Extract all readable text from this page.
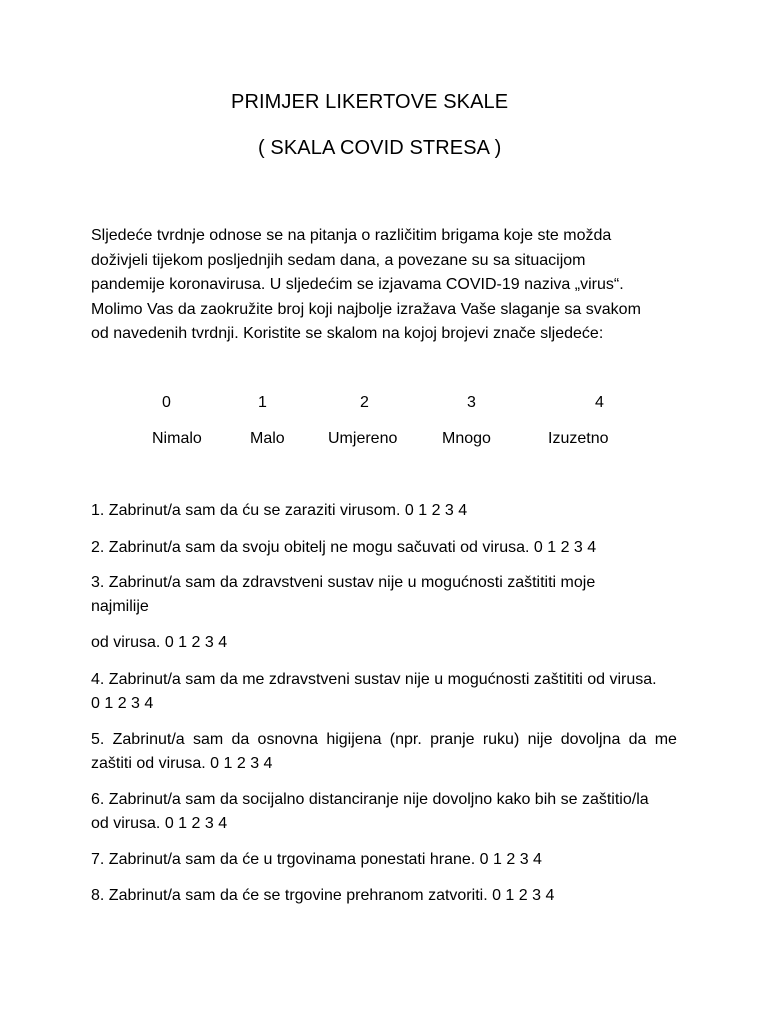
PRIMJER LIKERTOVE SKALE
( SKALA COVID STRESA )
Sljedeće tvrdnje odnose se na pitanja o različitim brigama koje ste možda
doživjeli tijekom posljednjih sedam dana, a povezane su sa situacijom
pandemije koronavirusa. U sljedećim se izjavama COVID-19 naziva „virus“.
Molimo Vas da zaokružite broj koji najbolje izražava Vaše slaganje sa svakom
od navedenih tvrdnji. Koristite se skalom na kojoj brojevi znače sljedeće:
0	1	2	3	4
Nimalo	Malo	Umjereno	Mnogo	Izuzetno
1. Zabrinut/a sam da ću se zaraziti virusom. 0 1 2 3 4
2. Zabrinut/a sam da svoju obitelj ne mogu sačuvati od virusa. 0 1 2 3 4
3. Zabrinut/a sam da zdravstveni sustav nije u mogućnosti zaštititi moje
najmilije
od virusa. 0 1 2 3 4
4. Zabrinut/a sam da me zdravstveni sustav nije u mogućnosti zaštititi od virusa.
0 1 2 3 4
5. Zabrinut/a sam da osnovna higijena (npr. pranje ruku) nije dovoljna da me
zaštiti od virusa. 0 1 2 3 4
6. Zabrinut/a sam da socijalno distanciranje nije dovoljno kako bih se zaštitio/la
od virusa. 0 1 2 3 4
7. Zabrinut/a sam da će u trgovinama ponestati hrane. 0 1 2 3 4
8. Zabrinut/a sam da će se trgovine prehranom zatvoriti. 0 1 2 3 4
